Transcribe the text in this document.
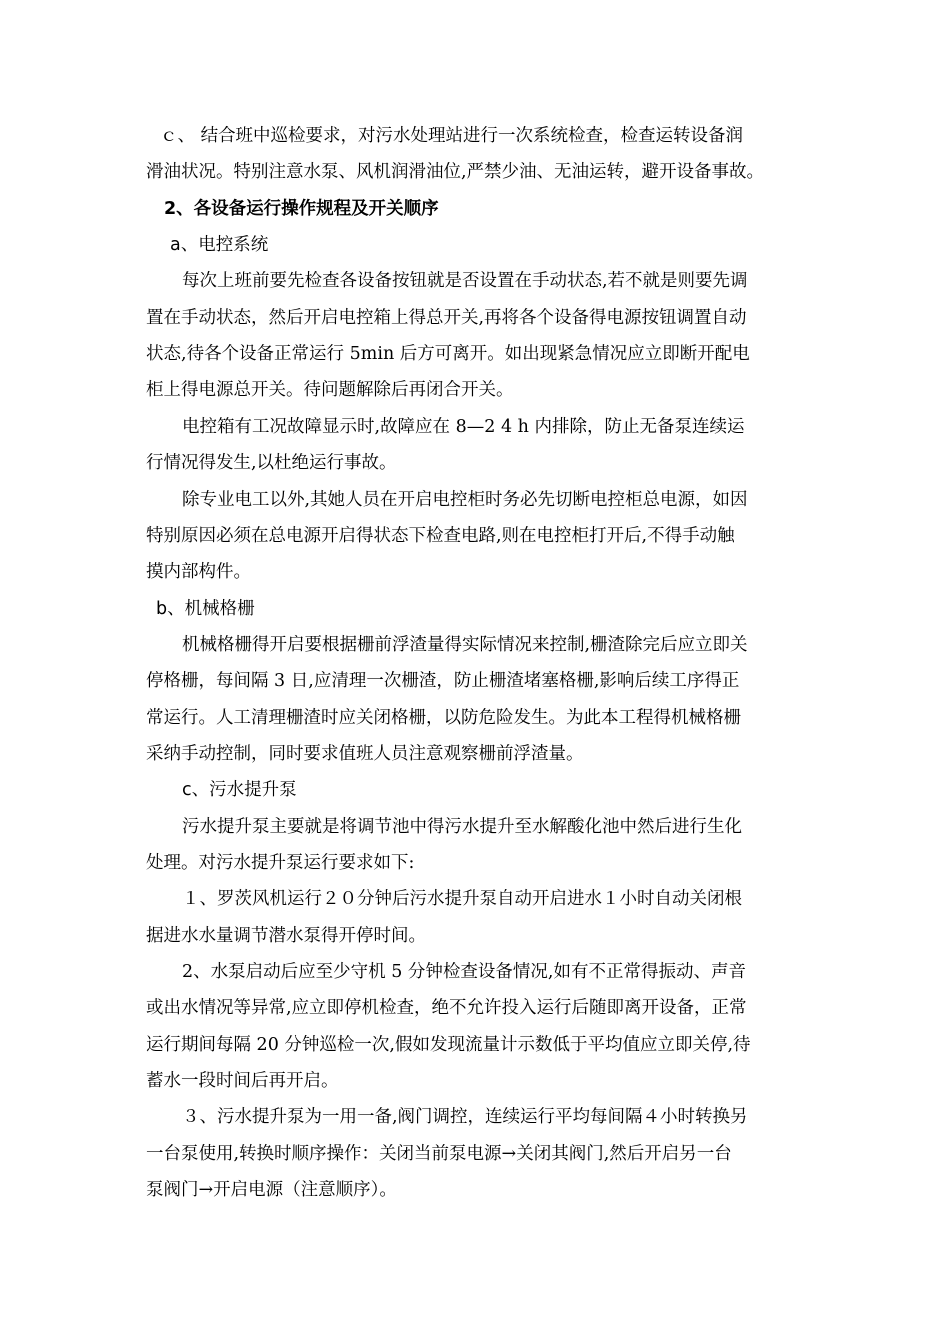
ｃ、 结合班中巡检要求，对污水处理站进行一次系统检查，检查运转设备润
滑油状况。特别注意水泵、风机润滑油位,严禁少油、无油运转，避开设备事故。
2、各设备运行操作规程及开关顺序
a、电控系统
每次上班前要先检查各设备按钮就是否设置在手动状态,若不就是则要先调
置在手动状态，然后开启电控箱上得总开关,再将各个设备得电源按钮调置自动
状态,待各个设备正常运行 5min 后方可离开。如出现紧急情况应立即断开配电
柜上得电源总开关。待问题解除后再闭合开关。
电控箱有工况故障显示时,故障应在 8—2 4 h 内排除，防止无备泵连续运
行情况得发生,以杜绝运行事故。
除专业电工以外,其她人员在开启电控柜时务必先切断电控柜总电源，如因
特别原因必须在总电源开启得状态下检查电路,则在电控柜打开后,不得手动触
摸内部构件。
b、机械格栅
机械格栅得开启要根据栅前浮渣量得实际情况来控制,栅渣除完后应立即关
停格栅，每间隔 3 日,应清理一次栅渣，防止栅渣堵塞格栅,影响后续工序得正
常运行。人工清理栅渣时应关闭格栅，以防危险发生。为此本工程得机械格栅
采纳手动控制，同时要求值班人员注意观察栅前浮渣量。
c、污水提升泵
污水提升泵主要就是将调节池中得污水提升至水解酸化池中然后进行生化
处理。对污水提升泵运行要求如下:
１、罗茨风机运行２０分钟后污水提升泵自动开启进水１小时自动关闭根
据进水水量调节潜水泵得开停时间。
2、水泵启动后应至少守机 5 分钟检查设备情况,如有不正常得振动、声音
或出水情况等异常,应立即停机检查，绝不允许投入运行后随即离开设备，正常
运行期间每隔 20 分钟巡检一次,假如发现流量计示数低于平均值应立即关停,待
蓄水一段时间后再开启。
３、污水提升泵为一用一备,阀门调控，连续运行平均每间隔４小时转换另
一台泵使用,转换时顺序操作：关闭当前泵电源→关闭其阀门,然后开启另一台
泵阀门→开启电源（注意顺序）。
